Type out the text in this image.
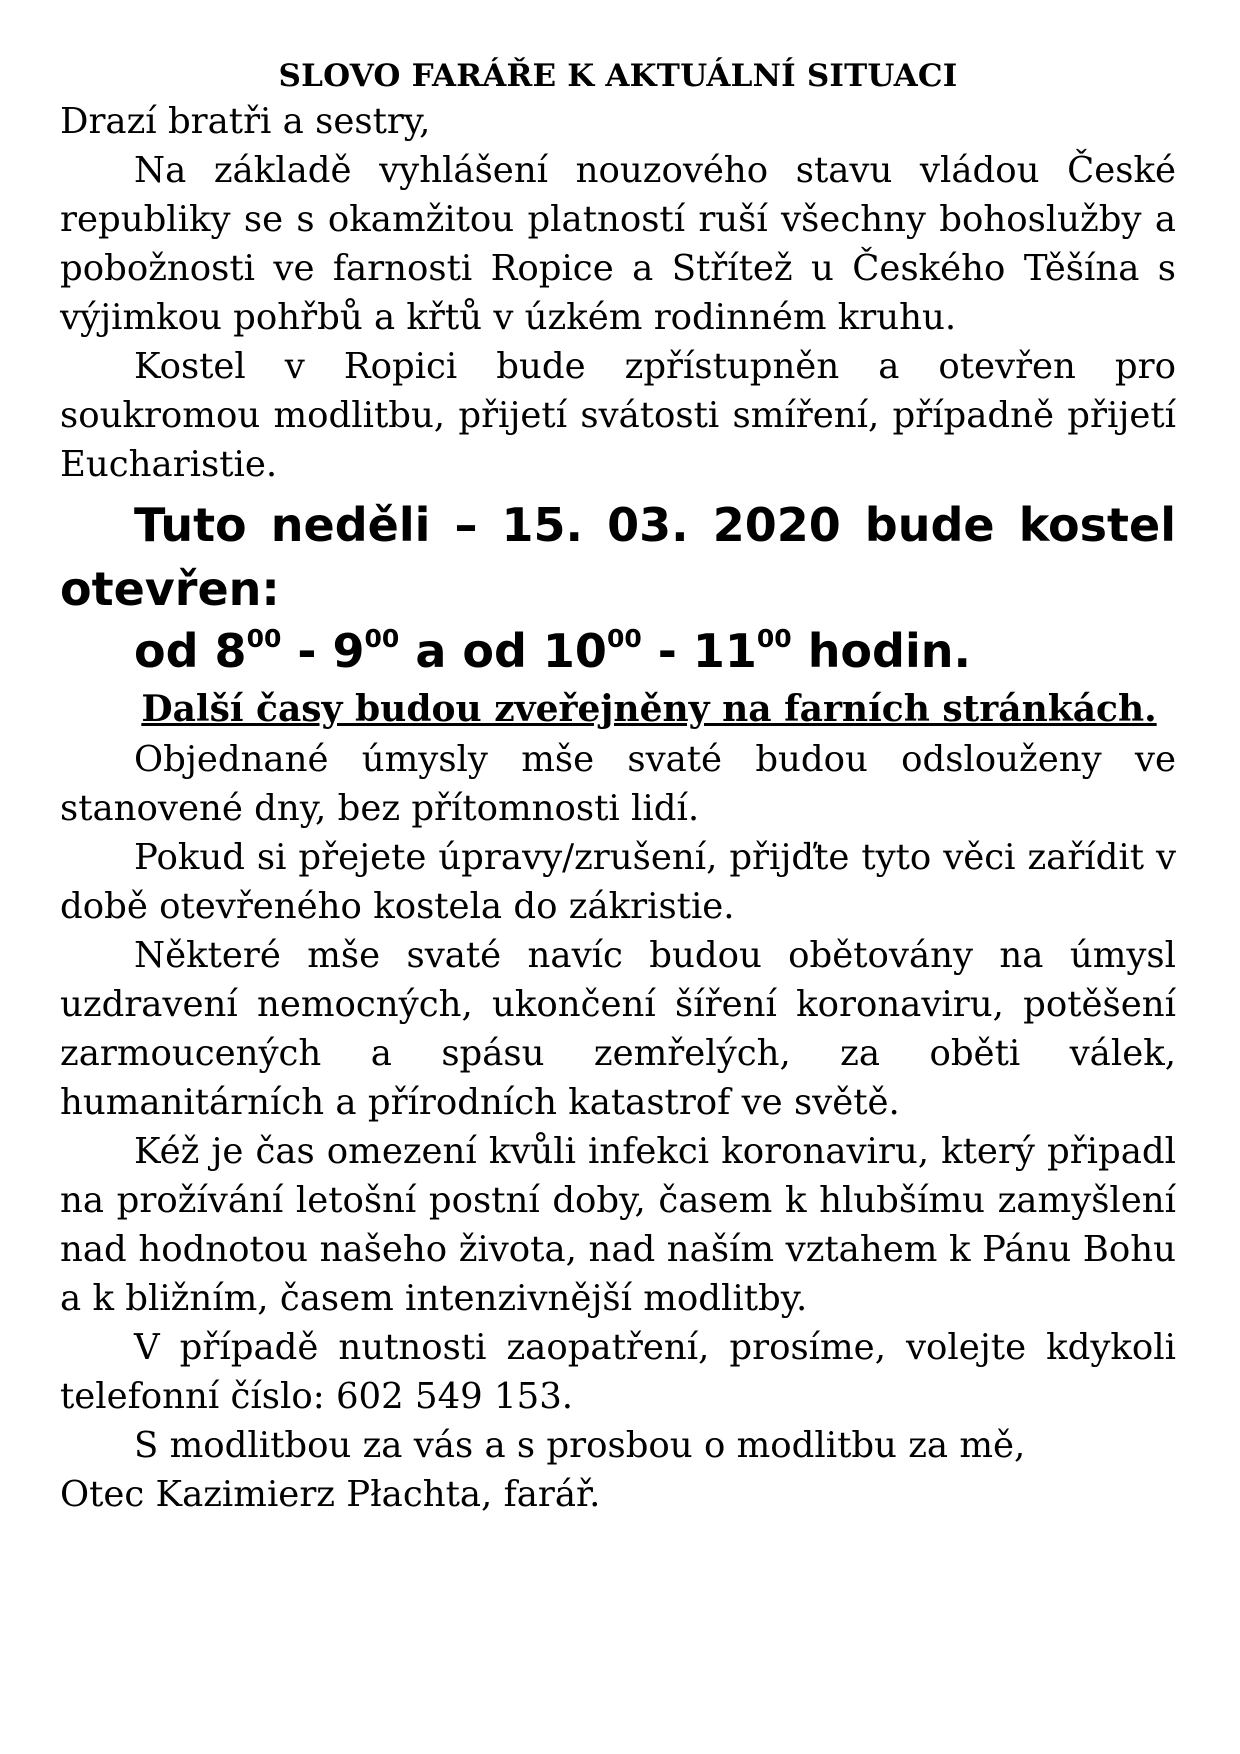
SLOVO FARÁŘE K AKTUÁLNÍ SITUACI

Drazí bratři a sestry,

Na základě vyhlášení nouzového stavu vládou České republiky se s okamžitou platností ruší všechny bohoslužby a pobožnosti ve farnosti Ropice a Střítež u Českého Těšína s výjimkou pohřbů a křtů v úzkém rodinném kruhu.

Kostel v Ropici bude zpřístupněn a otevřen pro soukromou modlitbu, přijetí svátosti smíření, případně přijetí Eucharistie.

Tuto neděli – 15. 03. 2020 bude kostel otevřen:

od $8^{00} - 9^{00}$ a od $10^{00} - 11^{00}$ hodin.

Další časy budou zveřejněny na farních stránkách.

Objednané úmysly mše svaté budou odslouženy ve stanovené dny, bez přítomnosti lidí.

Pokud si přejete úpravy/zrušení, přijďte tyto věci zařídit v době otevřeného kostela do zákristie.

Některé mše svaté navíc budou obětovány na úmysl uzdravení nemocných, ukončení šíření koronaviru, potěšení zarmoucených a spásu zemřelých, za oběti válek, humanitárních a přírodních katastrof ve světě.

Kéž je čas omezení kvůli infekci koronaviru, který připadl na prožívání letošní postní doby, časem k hlubšímu zamyšlení nad hodnotou našeho života, nad naším vztahem k Pánu Bohu a k bližním, časem intenzivnější modlitby.

V případě nutnosti zaopatření, prosíme, volejte kdykoli telefonní číslo: 602 549 153.

S modlitbou za vás a s prosbou o modlitbu za mě,

Otec Kazimierz Płachta, farář.
